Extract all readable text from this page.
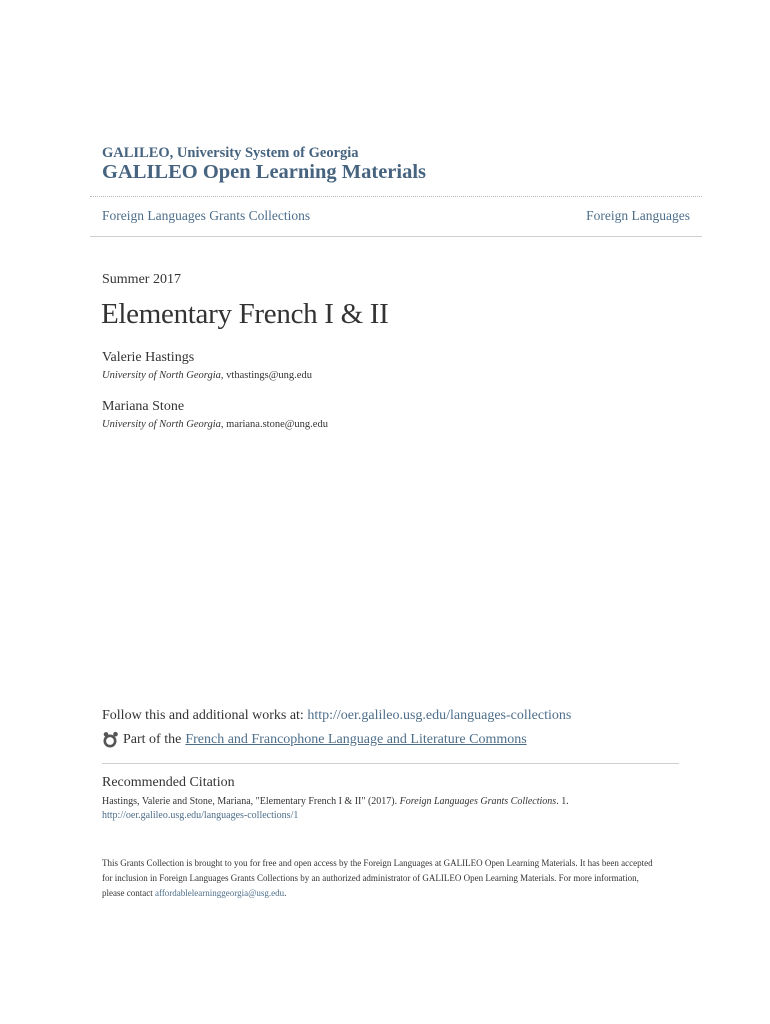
GALILEO, University System of Georgia
GALILEO Open Learning Materials
Foreign Languages Grants Collections	Foreign Languages
Summer 2017
Elementary French I & II
Valerie Hastings
University of North Georgia, vthastings@ung.edu
Mariana Stone
University of North Georgia, mariana.stone@ung.edu
Follow this and additional works at: http://oer.galileo.usg.edu/languages-collections
Part of the French and Francophone Language and Literature Commons
Recommended Citation
Hastings, Valerie and Stone, Mariana, "Elementary French I & II" (2017). Foreign Languages Grants Collections. 1.
http://oer.galileo.usg.edu/languages-collections/1
This Grants Collection is brought to you for free and open access by the Foreign Languages at GALILEO Open Learning Materials. It has been accepted for inclusion in Foreign Languages Grants Collections by an authorized administrator of GALILEO Open Learning Materials. For more information, please contact affordablelearninggeorgia@usg.edu.
